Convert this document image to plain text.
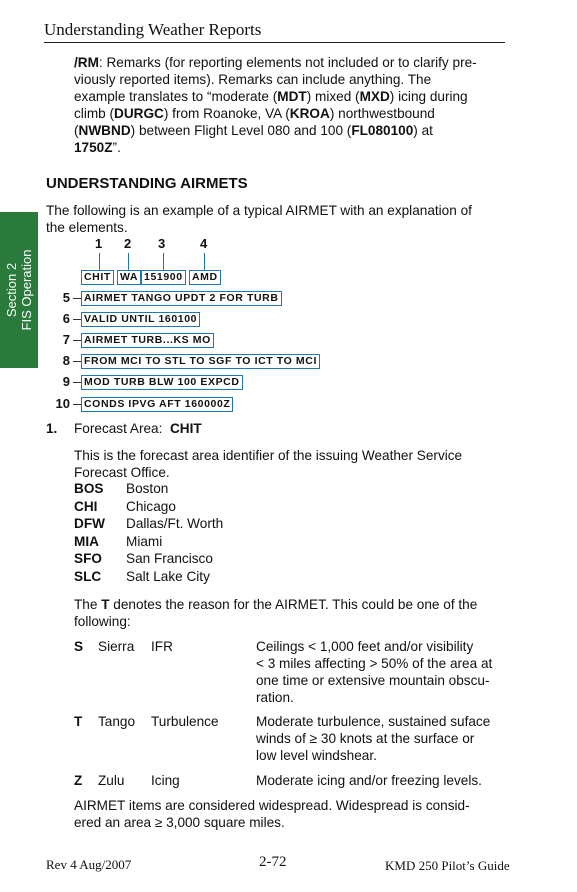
Understanding Weather Reports
/RM: Remarks (for reporting elements not included or to clarify pre-
viously reported items). Remarks can include anything. The
example translates to “moderate (MDT) mixed (MXD) icing during
climb (DURGC) from Roanoke, VA (KROA) northwestbound
(NWBND) between Flight Level 080 and 100 (FL080100) at
1750Z”.
UNDERSTANDING AIRMETS
The following is an example of a typical AIRMET with an explanation of
the elements.
Section 2 FIS Operation
1 2 3	4
CHIT WA 151900 AMD
5 AIRMET TANGO UPDT 2 FOR TURB
6 VALID UNTIL 160100
7 AIRMET TURB...KS MO
8 FROM MCI TO STL TO SGF TO ICT TO MCI
9 MOD TURB BLW 100 EXPCD
10 CONDS IPVG AFT 160000Z
1. Forecast Area: CHIT
This is the forecast area identifier of the issuing Weather Service
Forecast Office.
BOS Boston
CHI Chicago
DFW Dallas/Ft. Worth
MIA Miami
SFO San Francisco
SLC Salt Lake City
The T denotes the reason for the AIRMET. This could be one of the
following:
S Sierra IFR	Ceilings < 1,000 feet and/or visibility
< 3 miles affecting > 50% of the area at
one time or extensive mountain obscu-
ration.
T Tango Turbulence	Moderate turbulence, sustained suface
winds of ≥ 30 knots at the surface or
low level windshear.
Z Zulu Icing	Moderate icing and/or freezing levels.
AIRMET items are considered widespread. Widespread is consid-
ered an area ≥ 3,000 square miles.
Rev 4 Aug/2007	2-72	KMD 250 Pilot’s Guide
